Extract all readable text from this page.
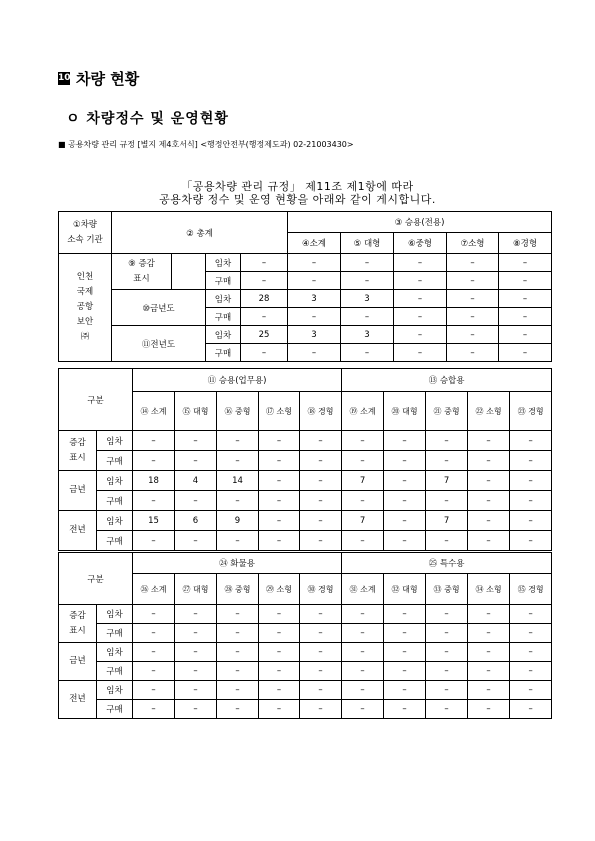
10 차량 현황
ㅇ 차량정수 및 운영현황
■ 공용차량 관리 규정 [별지 제4호서식] <행정안전부(행정제도과) 02-21003430>
「공용차량 관리 규정」 제11조 제1항에 따라
공용차량 정수 및 운영 현황을 아래와 같이 게시합니다.
①차량
소속 기관	② 총계				③ 승용(전용)				
					④소계	⑤ 대형	⑥중형	⑦소형	⑧경형
인천
국제
공항
보안
㈜	⑨ 증감
표시		임차	–	–	–	–	–	–
			구매	–	–	–	–	–	–
	⑩금년도		임차	28	3	3	–	–	–
			구매	–	–	–	–	–	–
	⑪전년도		임차	25	3	3	–	–	–
			구매	–	–	–	–	–	–
구분		⑪ 승용(업무용)					⑬ 승합용				
		⑭ 소계	⑮ 대형	⑯ 중형	⑰ 소형	⑱ 경형	⑲ 소계	⑳ 대형	㉑ 중형	㉒ 소형	㉓ 경형
증감
표시	임차	–	–	–	–	–	–	–	–	–	–
	구매	–	–	–	–	–	–	–	–	–	–
금년	임차	18	4	14	–	–	7	–	7	–	–
	구매	–	–	–	–	–	–	–	–	–	–
전년	임차	15	6	9	–	–	7	–	7	–	–
	구매	–	–	–	–	–	–	–	–	–	–
구분		㉔ 화물용					㉕ 특수용				
		㉖ 소계	㉗ 대형	㉘ 중형	㉙ 소형	㉚ 경형	㉛ 소계	㉜ 대형	㉝ 중형	㉞ 소형	㉟ 경형
증감
표시	임차	–	–	–	–	–	–	–	–	–	–
	구매	–	–	–	–	–	–	–	–	–	–
금년	임차	–	–	–	–	–	–	–	–	–	–
	구매	–	–	–	–	–	–	–	–	–	–
전년	임차	–	–	–	–	–	–	–	–	–	–
	구매	–	–	–	–	–	–	–	–	–	–
